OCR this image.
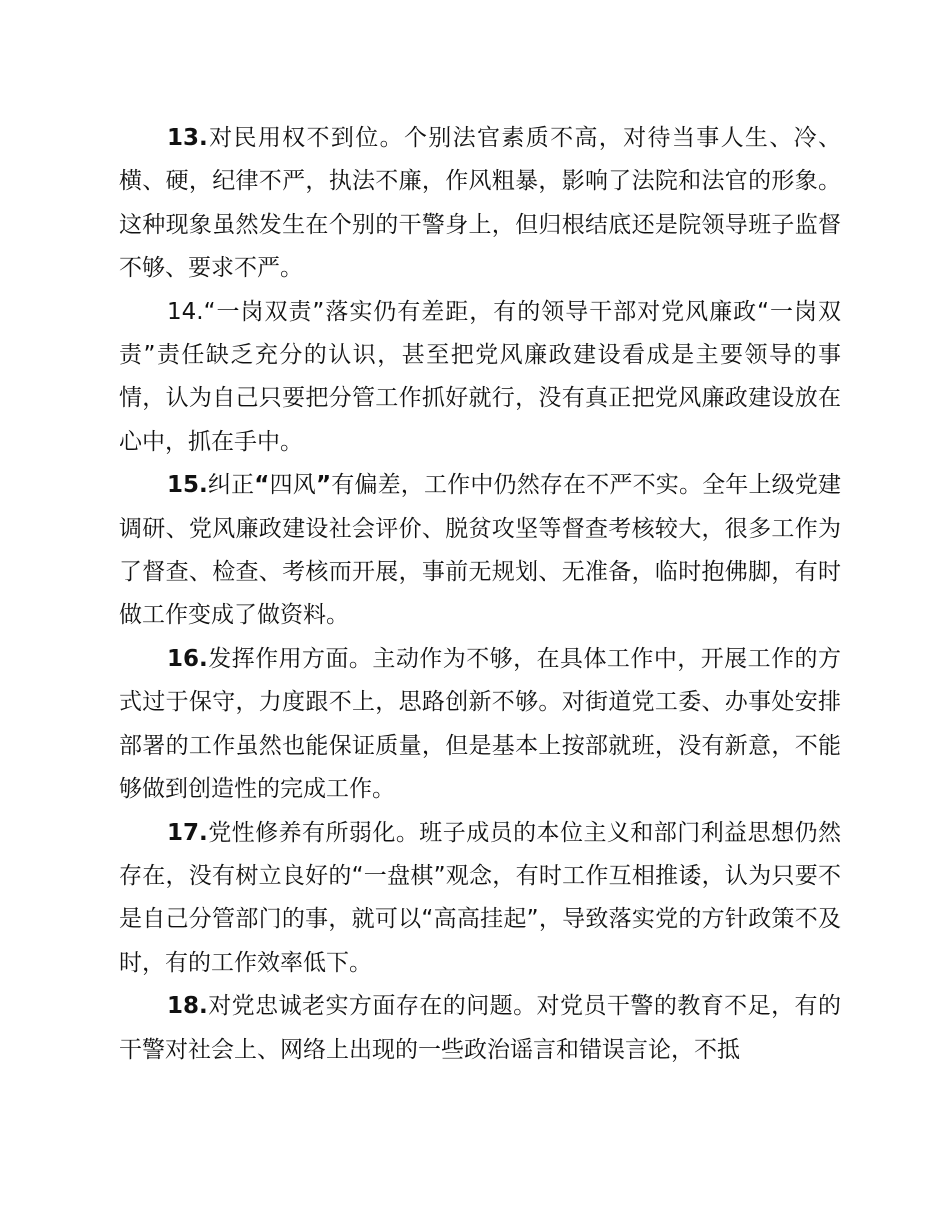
13.对民用权不到位。个别法官素质不高，对待当事人生、冷、横、硬，纪律不严，执法不廉，作风粗暴，影响了法院和法官的形象。这种现象虽然发生在个别的干警身上，但归根结底还是院领导班子监督不够、要求不严。

14.“一岗双责”落实仍有差距，有的领导干部对党风廉政“一岗双责”责任缺乏充分的认识，甚至把党风廉政建设看成是主要领导的事情，认为自己只要把分管工作抓好就行，没有真正把党风廉政建设放在心中，抓在手中。

15.纠正“四风”有偏差，工作中仍然存在不严不实。全年上级党建调研、党风廉政建设社会评价、脱贫攻坚等督查考核较大，很多工作为了督查、检查、考核而开展，事前无规划、无准备，临时抱佛脚，有时做工作变成了做资料。

16.发挥作用方面。主动作为不够，在具体工作中，开展工作的方式过于保守，力度跟不上，思路创新不够。对街道党工委、办事处安排部署的工作虽然也能保证质量，但是基本上按部就班，没有新意，不能够做到创造性的完成工作。

17.党性修养有所弱化。班子成员的本位主义和部门利益思想仍然存在，没有树立良好的“一盘棋”观念，有时工作互相推诿，认为只要不是自己分管部门的事，就可以“高高挂起”，导致落实党的方针政策不及时，有的工作效率低下。

18.对党忠诚老实方面存在的问题。对党员干警的教育不足，有的干警对社会上、网络上出现的一些政治谣言和错误言论，不抵
